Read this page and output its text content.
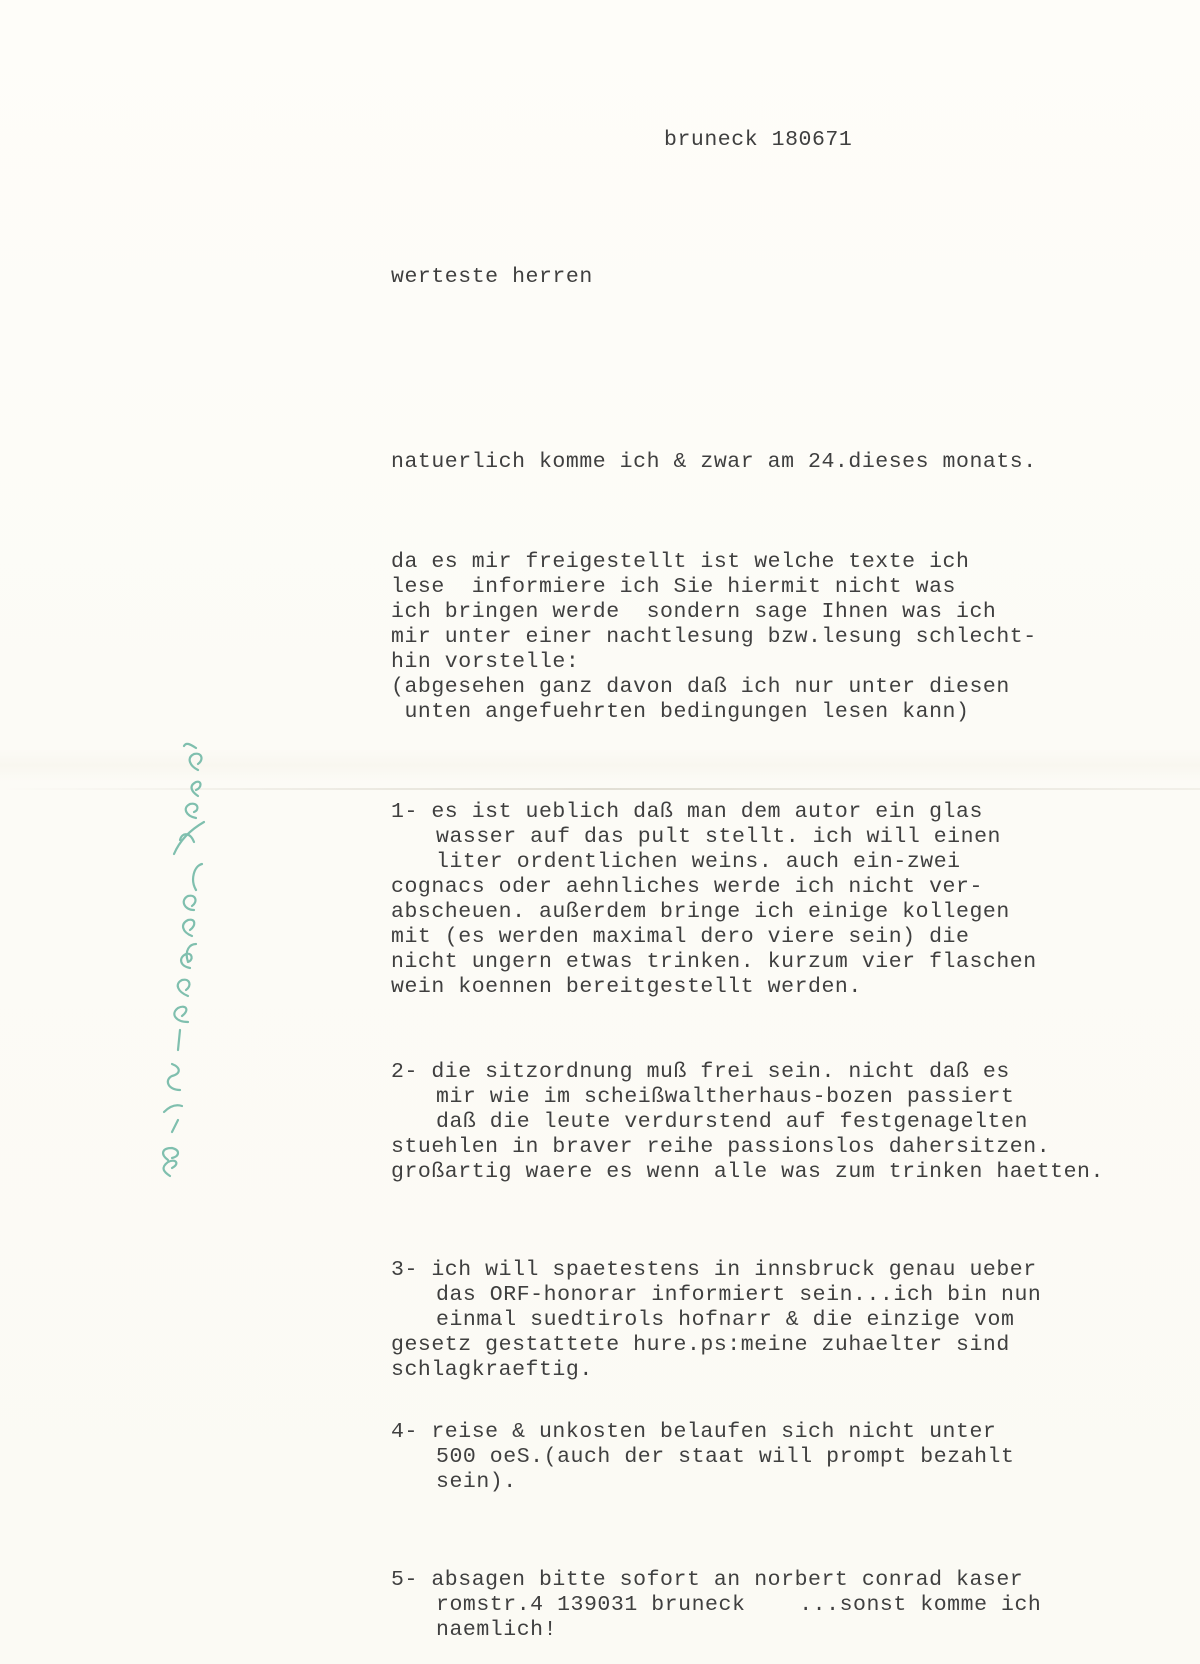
bruneck 180671

werteste herren

natuerlich komme ich & zwar am 24.dieses monats.

da es mir freigestellt ist welche texte ich
lese  informiere ich Sie hiermit nicht was
ich bringen werde  sondern sage Ihnen was ich
mir unter einer nachtlesung bzw.lesung schlecht-
hin vorstelle:
(abgesehen ganz davon daß ich nur unter diesen
unten angefuehrten bedingungen lesen kann)
1- es ist ueblich daß man dem autor ein glas
wasser auf das pult stellt. ich will einen
liter ordentlichen weins. auch ein-zwei
cognacs oder aehnliches werde ich nicht ver-
abscheuen. außerdem bringe ich einige kollegen
mit (es werden maximal dero viere sein) die
nicht ungern etwas trinken. kurzum vier flaschen
wein koennen bereitgestellt werden.
2- die sitzordnung muß frei sein. nicht daß es
mir wie im scheißwaltherhaus-bozen passiert
daß die leute verdurstend auf festgenagelten
stuehlen in braver reihe passionslos dahersitzen.
großartig waere es wenn alle was zum trinken haetten.
3- ich will spaetestens in innsbruck genau ueber
das ORF-honorar informiert sein...ich bin nun
einmal suedtirols hofnarr & die einzige vom
gesetz gestattete hure.ps:meine zuhaelter sind
schlagkraeftig.
4- reise & unkosten belaufen sich nicht unter
500 oeS.(auch der staat will prompt bezahlt
sein).
5- absagen bitte sofort an norbert conrad kaser
romstr.4 139031 bruneck    ...sonst komme ich
naemlich!
